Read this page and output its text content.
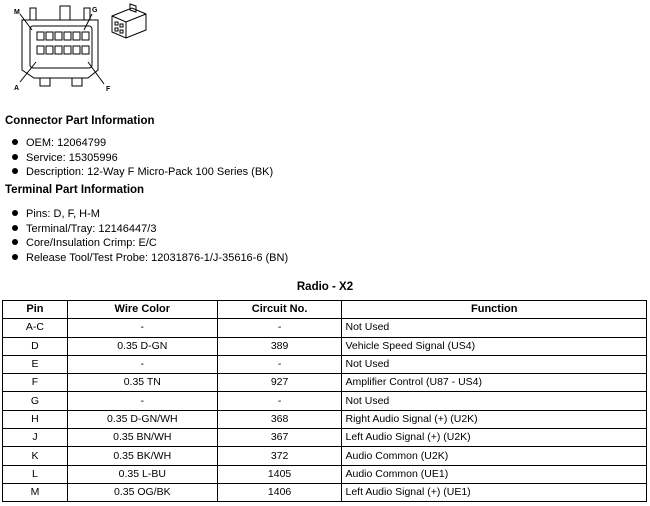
M	G
A	F
Connector Part Information
OEM: 12064799
Service: 15305996
Description: 12-Way F Micro-Pack 100 Series (BK)
Terminal Part Information
Pins: D, F, H-M
Terminal/Tray: 12146447/3
Core/Insulation Crimp: E/C
Release Tool/Test Probe: 12031876-1/J-35616-6 (BN)
Radio - X2
Pin	Wire Color	Circuit No.	Function
A-C	-	-	Not Used
D	0.35 D-GN	389	Vehicle Speed Signal (US4)
E	-	-	Not Used
F	0.35 TN	927	Amplifier Control (U87 - US4)
G	-	-	Not Used
H	0.35 D-GN/WH	368	Right Audio Signal (+) (U2K)
J	0.35 BN/WH	367	Left Audio Signal (+) (U2K)
K	0.35 BK/WH	372	Audio Common (U2K)
L	0.35 L-BU	1405	Audio Common (UE1)
M	0.35 OG/BK	1406	Left Audio Signal (+) (UE1)
